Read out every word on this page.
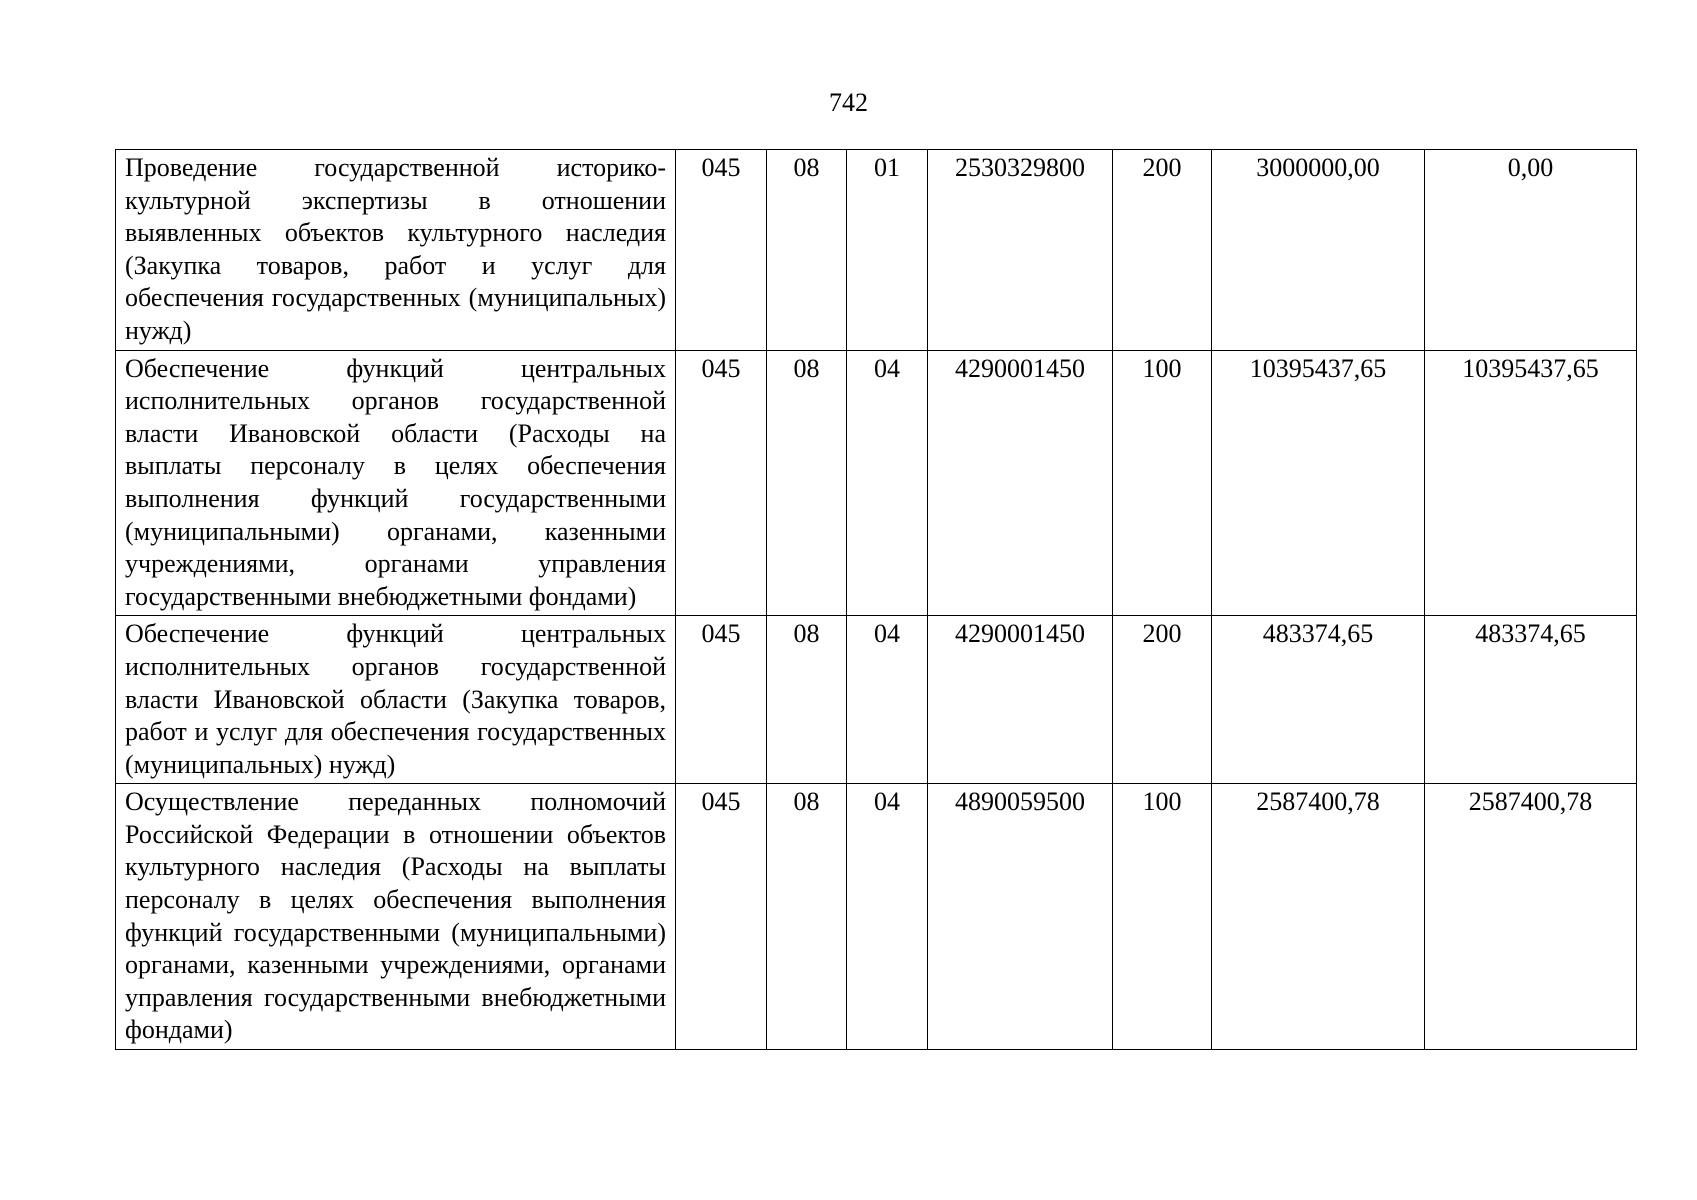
742
Проведение государственной историко-культурной экспертизы в отношении выявленных объектов культурного наследия (Закупка товаров, работ и услуг для обеспечения государственных (муниципальных) нужд)	045	08	01	2530329800	200	3000000,00	0,00
Обеспечение функций центральных исполнительных органов государственной власти Ивановской области (Расходы на выплаты персоналу в целях обеспечения выполнения функций государственными (муниципальными) органами, казенными учреждениями, органами управления государственными внебюджетными фондами)	045	08	04	4290001450	100	10395437,65	10395437,65
Обеспечение функций центральных исполнительных органов государственной власти Ивановской области (Закупка товаров, работ и услуг для обеспечения государственных (муниципальных) нужд)	045	08	04	4290001450	200	483374,65	483374,65
Осуществление переданных полномочий Российской Федерации в отношении объектов культурного наследия (Расходы на выплаты персоналу в целях обеспечения выполнения функций государственными (муниципальными) органами, казенными учреждениями, органами управления государственными внебюджетными фондами)	045	08	04	4890059500	100	2587400,78	2587400,78
